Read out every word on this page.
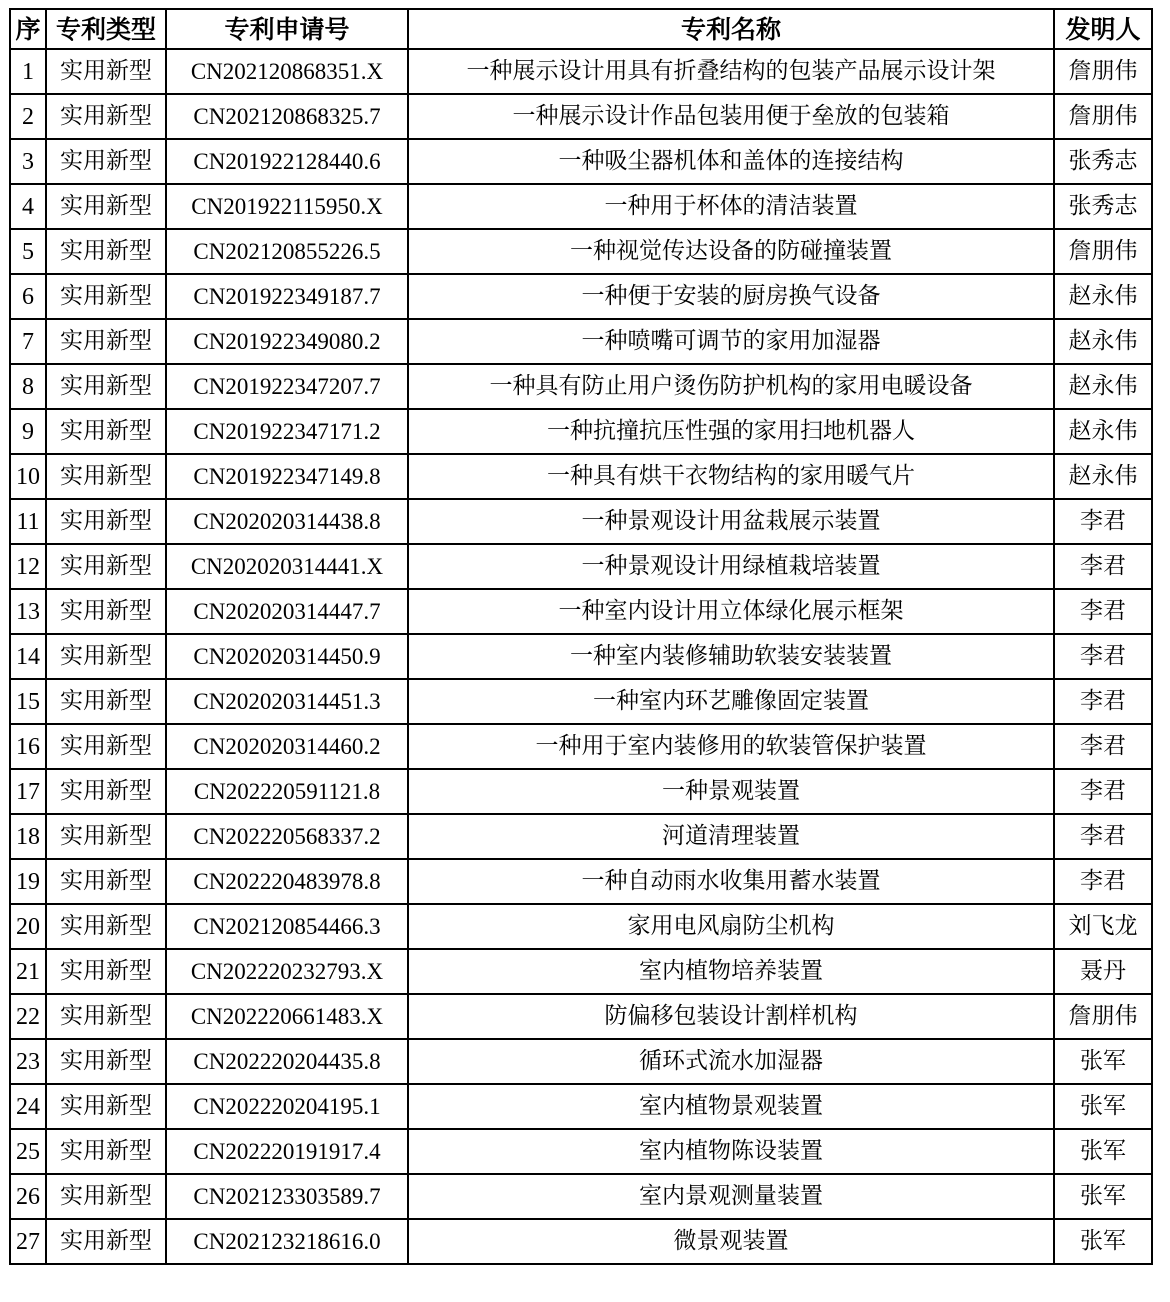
序	专利类型	专利申请号	专利名称	发明人
1	实用新型	CN202120868351.X	一种展示设计用具有折叠结构的包装产品展示设计架	詹朋伟
2	实用新型	CN202120868325.7	一种展示设计作品包装用便于垒放的包装箱	詹朋伟
3	实用新型	CN201922128440.6	一种吸尘器机体和盖体的连接结构	张秀志
4	实用新型	CN201922115950.X	一种用于杯体的清洁装置	张秀志
5	实用新型	CN202120855226.5	一种视觉传达设备的防碰撞装置	詹朋伟
6	实用新型	CN201922349187.7	一种便于安装的厨房换气设备	赵永伟
7	实用新型	CN201922349080.2	一种喷嘴可调节的家用加湿器	赵永伟
8	实用新型	CN201922347207.7	一种具有防止用户烫伤防护机构的家用电暖设备	赵永伟
9	实用新型	CN201922347171.2	一种抗撞抗压性强的家用扫地机器人	赵永伟
10	实用新型	CN201922347149.8	一种具有烘干衣物结构的家用暖气片	赵永伟
11	实用新型	CN202020314438.8	一种景观设计用盆栽展示装置	李君
12	实用新型	CN202020314441.X	一种景观设计用绿植栽培装置	李君
13	实用新型	CN202020314447.7	一种室内设计用立体绿化展示框架	李君
14	实用新型	CN202020314450.9	一种室内装修辅助软装安装装置	李君
15	实用新型	CN202020314451.3	一种室内环艺雕像固定装置	李君
16	实用新型	CN202020314460.2	一种用于室内装修用的软装管保护装置	李君
17	实用新型	CN202220591121.8	一种景观装置	李君
18	实用新型	CN202220568337.2	河道清理装置	李君
19	实用新型	CN202220483978.8	一种自动雨水收集用蓄水装置	李君
20	实用新型	CN202120854466.3	家用电风扇防尘机构	刘飞龙
21	实用新型	CN202220232793.X	室内植物培养装置	聂丹
22	实用新型	CN202220661483.X	防偏移包装设计割样机构	詹朋伟
23	实用新型	CN202220204435.8	循环式流水加湿器	张军
24	实用新型	CN202220204195.1	室内植物景观装置	张军
25	实用新型	CN202220191917.4	室内植物陈设装置	张军
26	实用新型	CN202123303589.7	室内景观测量装置	张军
27	实用新型	CN202123218616.0	微景观装置	张军
